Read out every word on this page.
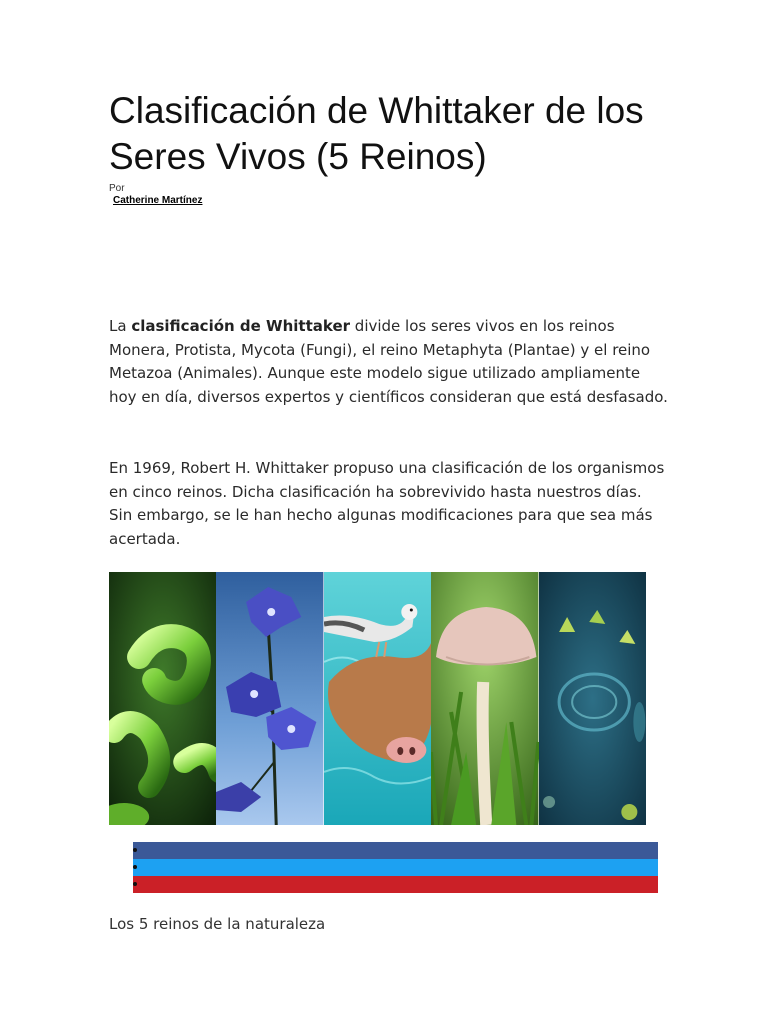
Clasificación de Whittaker de los Seres Vivos (5 Reinos)
Por
Catherine Martínez

La clasificación de Whittaker divide los seres vivos en los reinos Monera, Protista, Mycota (Fungi), el reino Metaphyta (Plantae) y el reino Metazoa (Animales). Aunque este modelo sigue utilizado ampliamente hoy en día, diversos expertos y científicos consideran que está desfasado.

En 1969, Robert H. Whittaker propuso una clasificación de los organismos en cinco reinos. Dicha clasificación ha sobrevivido hasta nuestros días. Sin embargo, se le han hecho algunas modificaciones para que sea más acertada.

Los 5 reinos de la naturaleza
